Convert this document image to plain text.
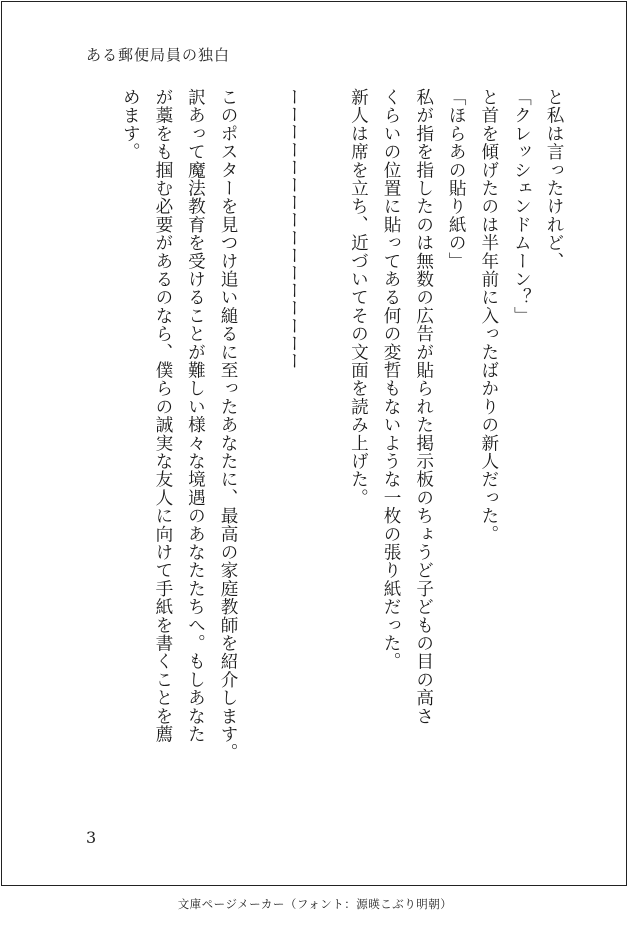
ある郵便局員の独白
と私は言ったけれど、
「クレッシェンドムーン？」
と首を傾げたのは半年前に入ったばかりの新人だった。
「ほらあの貼り紙の」
私が指を指したのは無数の広告が貼られた掲示板のちょうど子どもの目の高さ
くらいの位置に貼ってある何の変哲もないような一枚の張り紙だった。
新人は席を立ち、近づいてその文面を読み上げた。
ーーーーーーーーーーーーーーーー
このポスターを見つけ追い縋るに至ったあなたに、最高の家庭教師を紹介します。
訳あって魔法教育を受けることが難しい様々な境遇のあなたたちへ。もしあなた
が藁をも掴む必要があるのなら、僕らの誠実な友人に向けて手紙を書くことを薦
めます。
3
文庫ページメーカー（フォント：源暎こぶり明朝）
